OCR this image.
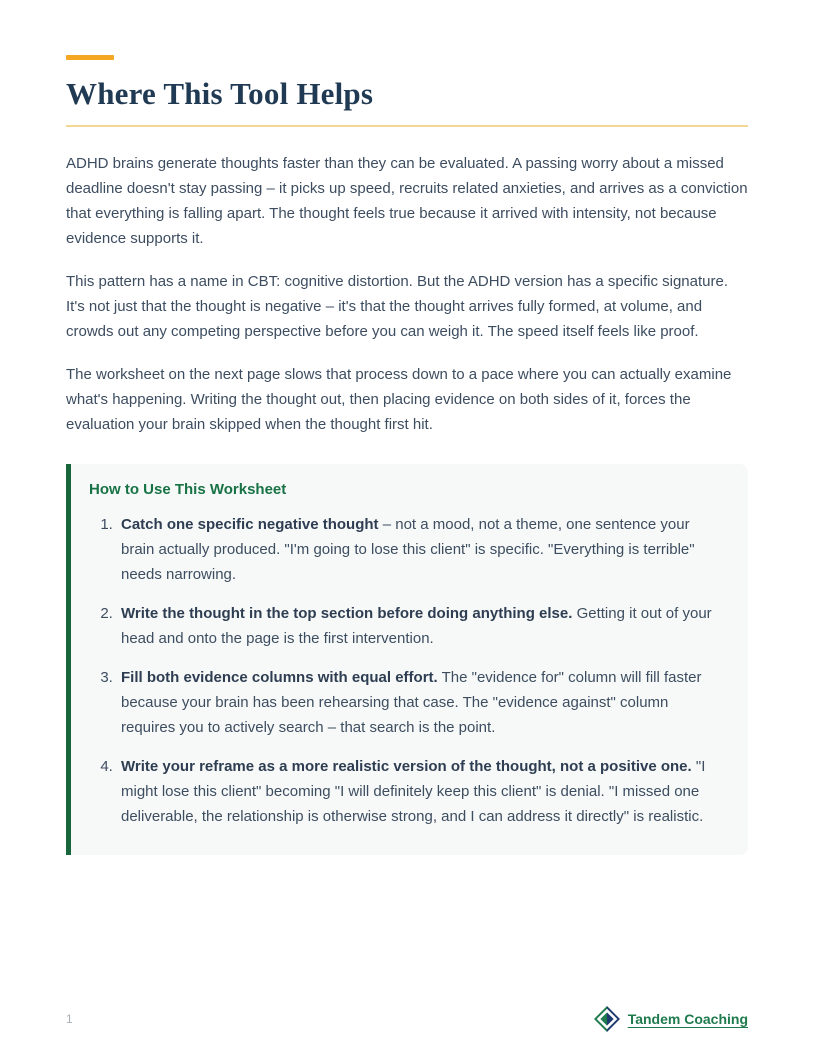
Where This Tool Helps

ADHD brains generate thoughts faster than they can be evaluated. A passing worry about a missed deadline doesn't stay passing – it picks up speed, recruits related anxieties, and arrives as a conviction that everything is falling apart. The thought feels true because it arrived with intensity, not because evidence supports it.

This pattern has a name in CBT: cognitive distortion. But the ADHD version has a specific signature. It's not just that the thought is negative – it's that the thought arrives fully formed, at volume, and crowds out any competing perspective before you can weigh it. The speed itself feels like proof.

The worksheet on the next page slows that process down to a pace where you can actually examine what's happening. Writing the thought out, then placing evidence on both sides of it, forces the evaluation your brain skipped when the thought first hit.

How to Use This Worksheet
1. Catch one specific negative thought – not a mood, not a theme, one sentence your brain actually produced. "I'm going to lose this client" is specific. "Everything is terrible" needs narrowing.
2. Write the thought in the top section before doing anything else. Getting it out of your head and onto the page is the first intervention.
3. Fill both evidence columns with equal effort. The "evidence for" column will fill faster because your brain has been rehearsing that case. The "evidence against" column requires you to actively search – that search is the point.
4. Write your reframe as a more realistic version of the thought, not a positive one. "I might lose this client" becoming "I will definitely keep this client" is denial. "I missed one deliverable, the relationship is otherwise strong, and I can address it directly" is realistic.
1	Tandem Coaching
